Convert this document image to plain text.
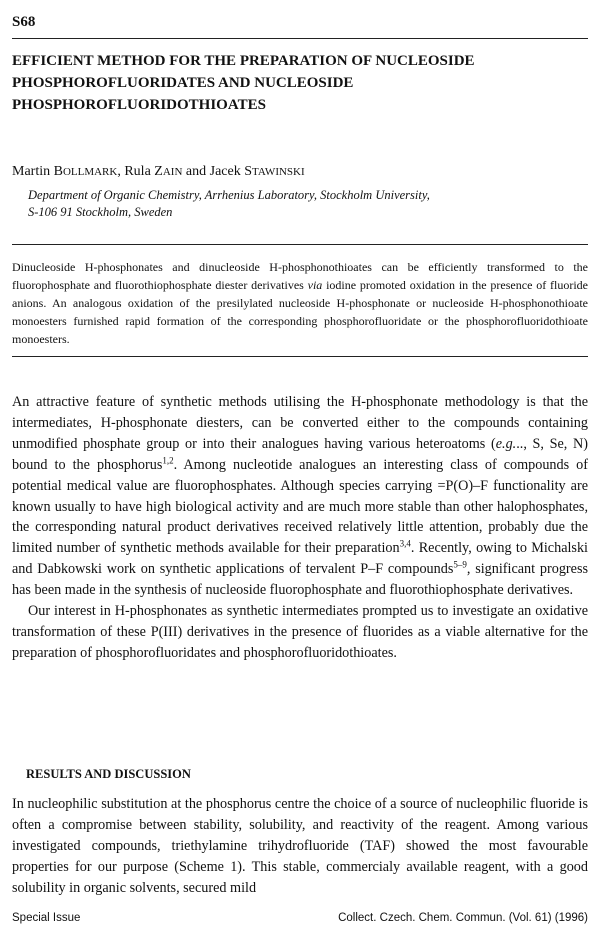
S68
EFFICIENT METHOD FOR THE PREPARATION OF NUCLEOSIDE PHOSPHOROFLUORIDATES AND NUCLEOSIDE PHOSPHOROFLUORIDOTHIOATES

Martin BOLLMARK, Rula ZAIN and Jacek STAWINSKI

Department of Organic Chemistry, Arrhenius Laboratory, Stockholm University,
S-106 91 Stockholm, Sweden

Dinucleoside H-phosphonates and dinucleoside H-phosphonothioates can be efficiently transformed to the fluorophosphate and fluorothiophosphate diester derivatives via iodine promoted oxidation in the presence of fluoride anions. An analogous oxidation of the presilylated nucleoside H-phosphonate or nucleoside H-phosphonothioate monoesters furnished rapid formation of the corresponding phosphorofluoridate or the phosphorofluoridothioate monoesters.

An attractive feature of synthetic methods utilising the H-phosphonate methodology is that the intermediates, H-phosphonate diesters, can be converted either to the compounds containing unmodified phosphate group or into their analogues having various heteroatoms (e.g..., S, Se, N) bound to the phosphorus$^{1,2}$. Among nucleotide analogues an interesting class of compounds of potential medical value are fluorophosphates. Although species carrying =P(O)–F functionality are known usually to have high biological activity and are much more stable than other halophosphates, the corresponding natural product derivatives received relatively little attention, probably due the limited number of synthetic methods available for their preparation$^{3,4}$. Recently, owing to Michalski and Dabkowski work on synthetic applications of tervalent P–F compounds$^{5-9}$, significant progress has been made in the synthesis of nucleoside fluorophosphate and fluorothiophosphate derivatives.

Our interest in H-phosphonates as synthetic intermediates prompted us to investigate an oxidative transformation of these P(III) derivatives in the presence of fluorides as a viable alternative for the preparation of phosphorofluoridates and phosphorofluoridothioates.

RESULTS AND DISCUSSION

In nucleophilic substitution at the phosphorus centre the choice of a source of nucleophilic fluoride is often a compromise between stability, solubility, and reactivity of the reagent. Among various investigated compounds, triethylamine trihydrofluoride (TAF) showed the most favourable properties for our purpose (Scheme 1). This stable, commercialy available reagent, with a good solubility in organic solvents, secured mild

Special Issue	Collect. Czech. Chem. Commun. (Vol. 61) (1996)
